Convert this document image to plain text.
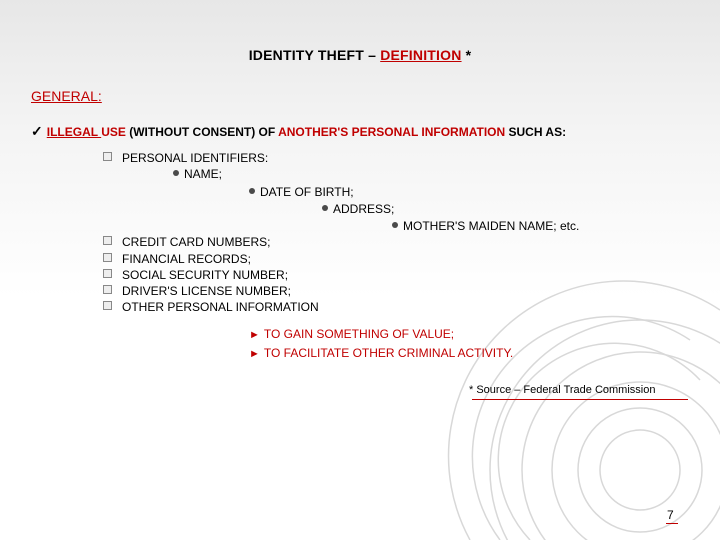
IDENTITY THEFT – DEFINITION *
GENERAL:
✓ ILLEGAL USE (WITHOUT CONSENT) OF ANOTHER'S PERSONAL INFORMATION SUCH AS:
PERSONAL IDENTIFIERS:
NAME;
DATE OF BIRTH;
ADDRESS;
MOTHER'S MAIDEN NAME; etc.
CREDIT CARD NUMBERS;
FINANCIAL RECORDS;
SOCIAL SECURITY NUMBER;
DRIVER'S LICENSE NUMBER;
OTHER PERSONAL INFORMATION
► TO GAIN SOMETHING OF VALUE;
► TO FACILITATE OTHER CRIMINAL ACTIVITY.
* Source – Federal Trade Commission
7
